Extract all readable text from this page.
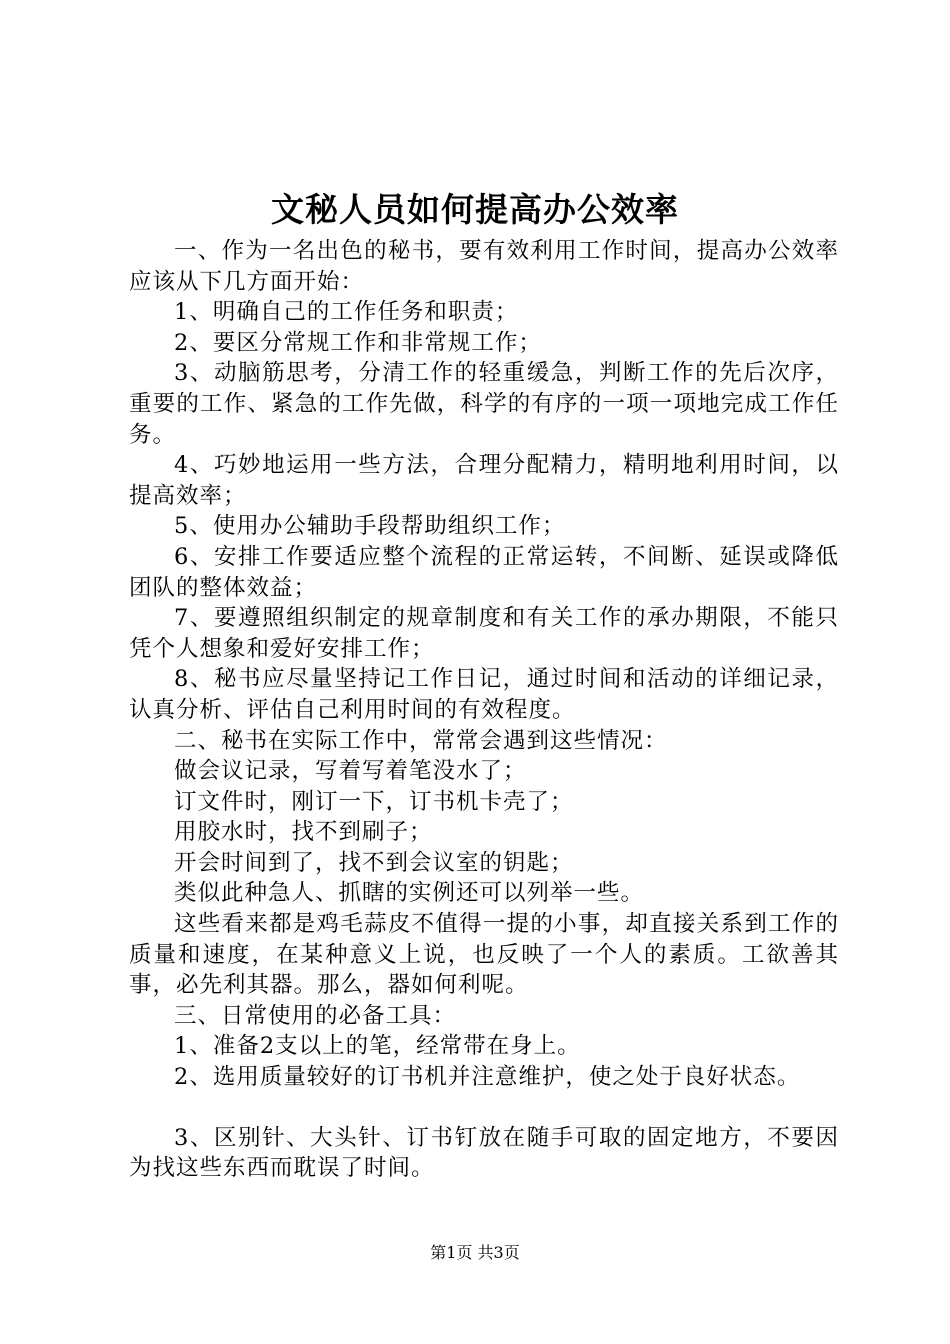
文秘人员如何提高办公效率

一、作为一名出色的秘书，要有效利用工作时间，提高办公效率应该从下几方面开始：

1、明确自己的工作任务和职责；

2、要区分常规工作和非常规工作；

3、动脑筋思考，分清工作的轻重缓急，判断工作的先后次序，重要的工作、紧急的工作先做，科学的有序的一项一项地完成工作任务。

4、巧妙地运用一些方法，合理分配精力，精明地利用时间，以提高效率；

5、使用办公辅助手段帮助组织工作；

6、安排工作要适应整个流程的正常运转，不间断、延误或降低团队的整体效益；

7、要遵照组织制定的规章制度和有关工作的承办期限，不能只凭个人想象和爱好安排工作；

8、秘书应尽量坚持记工作日记，通过时间和活动的详细记录，认真分析、评估自己利用时间的有效程度。

二、秘书在实际工作中，常常会遇到这些情况：

做会议记录，写着写着笔没水了；

订文件时，刚订一下，订书机卡壳了；

用胶水时，找不到刷子；

开会时间到了，找不到会议室的钥匙；

类似此种急人、抓瞎的实例还可以列举一些。

这些看来都是鸡毛蒜皮不值得一提的小事，却直接关系到工作的质量和速度，在某种意义上说，也反映了一个人的素质。工欲善其事，必先利其器。那么，器如何利呢。

三、日常使用的必备工具：

1、准备2支以上的笔，经常带在身上。

2、选用质量较好的订书机并注意维护，使之处于良好状态。

3、区别针、大头针、订书钉放在随手可取的固定地方，不要因为找这些东西而耽误了时间。

第1页 共3页
